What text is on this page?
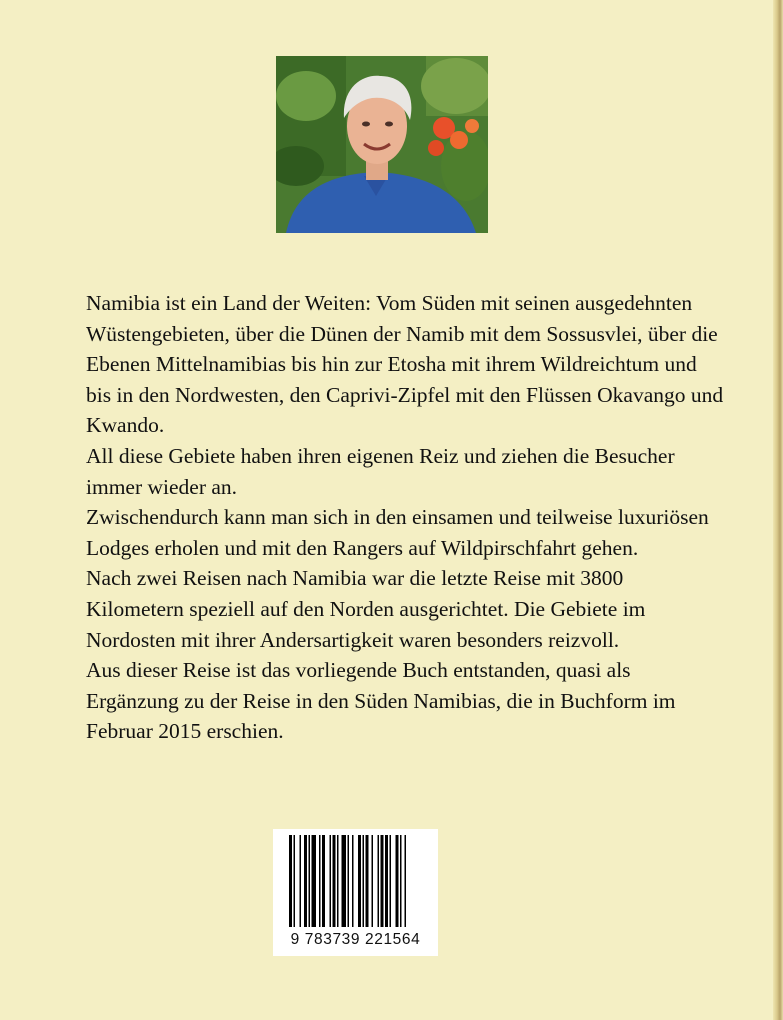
Namibia ist ein Land der Weiten: Vom Süden mit seinen ausgedehnten Wüstengebieten, über die Dünen der Namib mit dem Sossusvlei, über die Ebenen Mittelnamibias bis hin zur Etosha mit ihrem Wildreichtum und bis in den Nordwesten, den Caprivi-Zipfel mit den Flüssen Okavango und Kwando.

All diese Gebiete haben ihren eigenen Reiz und ziehen die Besucher immer wieder an.

Zwischendurch kann man sich in den einsamen und teilweise luxuriösen Lodges erholen und mit den Rangers auf Wildpirschfahrt gehen.

Nach zwei Reisen nach Namibia war die letzte Reise mit 3800 Kilometern speziell auf den Norden ausgerichtet. Die Gebiete im Nordosten mit ihrer Andersartigkeit waren besonders reizvoll.

Aus dieser Reise ist das vorliegende Buch entstanden, quasi als Ergänzung zu der Reise in den Süden Namibias, die in Buchform im Februar 2015 erschien.

9 783739 221564
